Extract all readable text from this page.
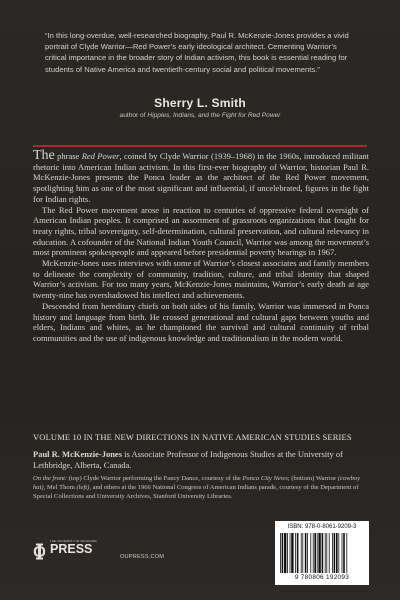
“In this long-overdue, well-researched biography, Paul R. McKenzie-Jones provides a vivid portrait of Clyde Warrior—Red Power’s early ideological architect. Cementing Warrior’s critical importance in the broader story of Indian activism, this book is essential reading for students of Native America and twentieth-century social and political movements.”
Sherry L. Smith
author of Hippies, Indians, and the Fight for Red Power

The phrase Red Power, coined by Clyde Warrior (1939–1968) in the 1960s, introduced militant rhetoric into American Indian activism. In this first-ever biography of Warrior, historian Paul R. McKenzie-Jones presents the Ponca leader as the architect of the Red Power movement, spotlighting him as one of the most significant and influential, if uncelebrated, figures in the fight for Indian rights.

The Red Power movement arose in reaction to centuries of oppressive federal oversight of American Indian peoples. It comprised an assortment of grassroots organizations that fought for treaty rights, tribal sovereignty, self-determination, cultural preservation, and cultural relevancy in education. A cofounder of the National Indian Youth Council, Warrior was among the movement’s most prominent spokespeople and appeared before presidential poverty hearings in 1967.

McKenzie-Jones uses interviews with some of Warrior’s closest associates and family members to delineate the complexity of community, tradition, culture, and tribal identity that shaped Warrior’s activism. For too many years, McKenzie-Jones maintains, Warrior’s early death at age twenty-nine has overshadowed his intellect and achievements.

Descended from hereditary chiefs on both sides of his family, Warrior was immersed in Ponca history and language from birth. He crossed generational and cultural gaps between youths and elders, Indians and whites, as he championed the survival and cultural continuity of tribal communities and the use of indigenous knowledge and traditionalism in the modern world.

VOLUME 10 IN THE NEW DIRECTIONS IN NATIVE AMERICAN STUDIES SERIES
Paul R. McKenzie-Jones is Associate Professor of Indigenous Studies at the University of Lethbridge, Alberta, Canada.
On the front: (top) Clyde Warrior performing the Fancy Dance, courtesy of the Ponca City News; (bottom) Warrior (cowboy hat), Mel Thom (left), and others at the 1966 National Congress of American Indians parade, courtesy of the Department of Special Collections and University Archives, Stanford University Libraries.
THE UNIVERSITY OF OKLAHOMA
PRESS
OUPRESS.COM
ISBN: 978-0-8061-9209-3
9 780806 192093
